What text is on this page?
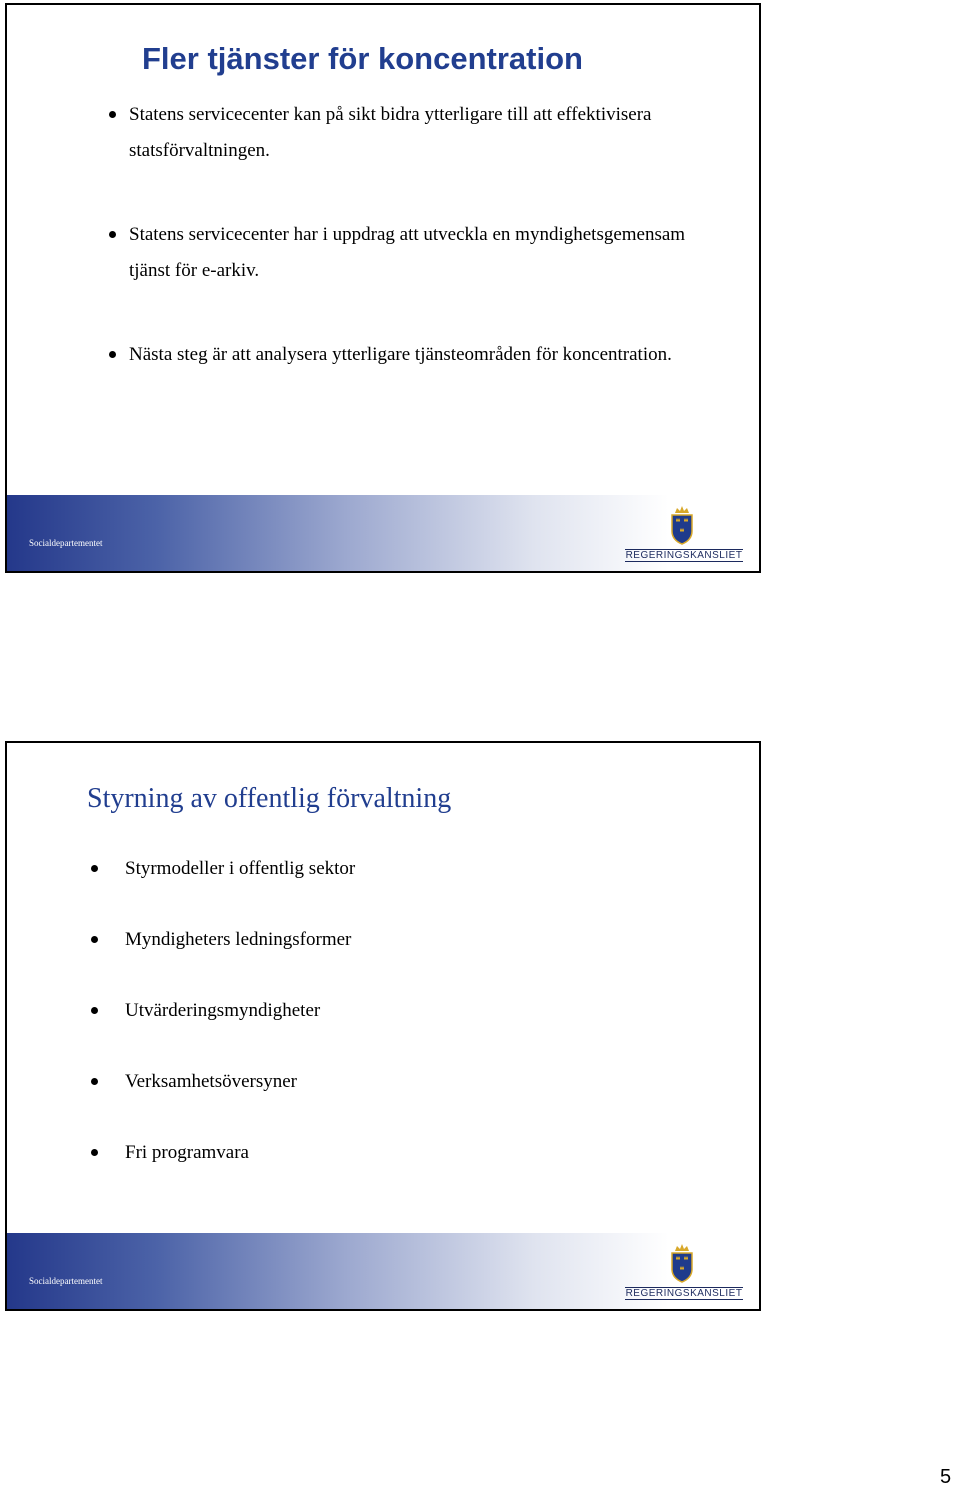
Fler tjänster för koncentration
Statens servicecenter kan på sikt bidra ytterligare till att effektivisera statsförvaltningen.
Statens servicecenter har i uppdrag att utveckla en myndighetsgemensam tjänst för e-arkiv.
Nästa steg är att analysera ytterligare tjänsteområden för koncentration.
Socialdepartementet
REGERINGSKANSLIET
Styrning av offentlig förvaltning
Styrmodeller i offentlig sektor
Myndigheters ledningsformer
Utvärderingsmyndigheter
Verksamhetsöversyner
Fri programvara
Socialdepartementet
REGERINGSKANSLIET
5
